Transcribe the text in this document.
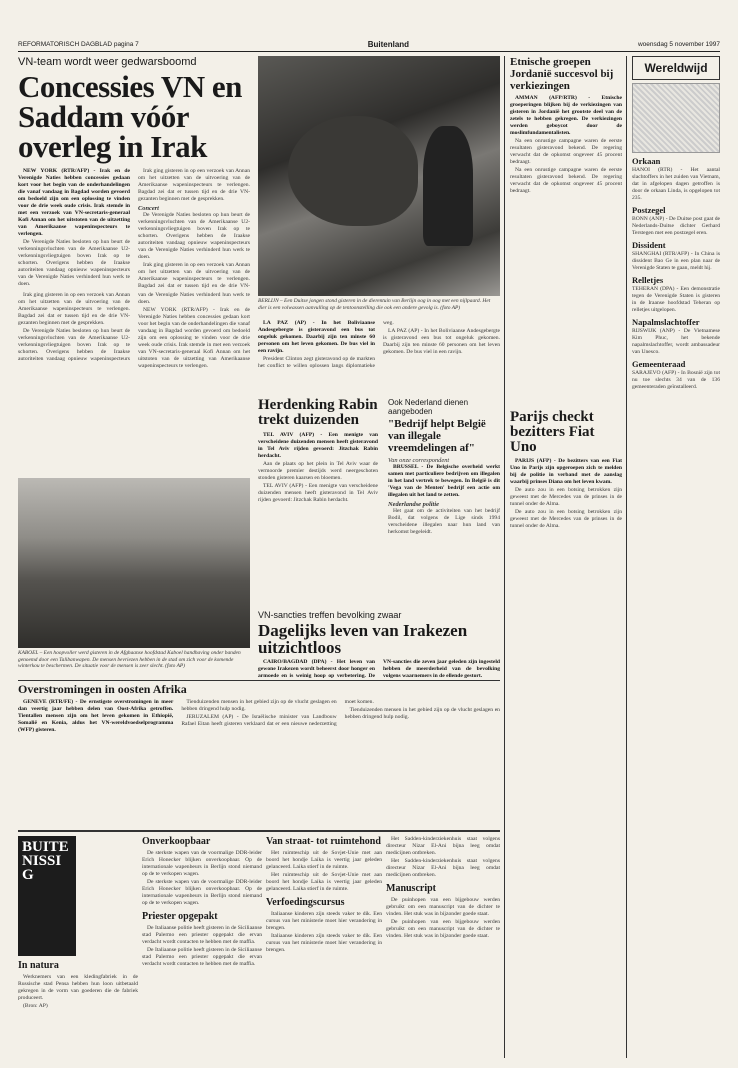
REFORMATORISCH DAGBLAD pagina 7	Buitenland	woensdag 5 november 1997
VN-team wordt weer gedwarsboomd
Concessies VN en Saddam vóór overleg in Irak

NEW YORK (RTR/AFP) - Irak en de Verenigde Naties hebben concessies gedaan kort voor het begin van de onderhandelingen die vanaf vandaag in Bagdad worden gevoerd om bedoeld zijn om een oplossing te vinden voor de drie week oude crisis. Irak stemde in met een verzoek van VN-secretaris-generaal Kofi Annan om het uitstoten van de uitzetting van Amerikaanse wapeninspecteurs te verlengen.

De Verenigde Naties besloten op hun beurt de verkenningsvluchten van de Amerikaanse U2-verkenningsvliegtuigen boven Irak op te schorten. Overigens hebben de Iraakse autoriteiten vandaag opnieuw wapeninspecteurs van de Verenigde Naties verhinderd hun werk te doen.

Irak ging gisteren in op een verzoek van Annan om het uitzetten van de uitvoering van de Amerikaanse wapeninspecteurs te verlengen. Bagdad zei dat er tussen tijd en de drie VN-gezanten beginnen met de gesprekken.

Concert

De Verenigde Naties besloten op hun beurt de verkenningsvluchten van de Amerikaanse U2-verkenningsvliegtuigen boven Irak op te schorten. Overigens hebben de Iraakse autoriteiten vandaag opnieuw wapeninspecteurs van de Verenigde Naties verhinderd hun werk te doen.

Irak ging gisteren in op een verzoek van Annan om het uitzetten van de uitvoering van de Amerikaanse wapeninspecteurs te verlengen. Bagdad zei dat er tussen tijd en de drie VN-

BERLIJN – Een Duitse jongen stond gisteren in de dierentuin van Berlijn oog in oog met een nijlpaard. Het dier is een volwassen aanvulling op de tentoonstelling die ook een andere gevolg is. (foto AP)

LA PAZ (AP) - In het Boliviaanse Andesgebergte is gisteravond een bus tot ongeluk gekomen. Daarbij zijn ten minste 60 personen om het leven gekomen. De bus viel in een ravijn.

President Clinton zegt gisteravond op de markten het conflict te willen oplossen langs diplomatieke weg.

LA PAZ (AP) - In het Boliviaanse Andesgebergte is gisteravond een bus tot ongeluk gekomen. Daarbij zijn ten minste 60 personen om het leven gekomen. De bus viel in een ravijn.

Herdenking Rabin trekt duizenden

TEL AVIV (AFP) - Een menigte van verscheidene duizenden mensen heeft gisteravond in Tel Aviv rijden gevoerd: Jitzchak Rabin herdacht.

Aan de plaats op het plein in Tel Aviv waar de vermoorde premier destijds werd neergeschoten stonden gisteren kaarsen en bloemen.

TEL AVIV (AFP) - Een menigte van verscheidene duizenden mensen heeft gisteravond in Tel Aviv rijden gevoerd: Jitzchak Rabin herdacht.

KABOEL – Een hoopvoller werd gisteren in de Afghaanse hoofdstad Kaboel handhaving onder banden genoemd door een Talibanwapen. De mensen bevriezen hebben in de stad om zich voor de komende winterkou te beschermen. De situatie voor de mensen is zeer slecht. (foto AP)

Irak ging gisteren in op een verzoek van Annan om het uitzetten van de uitvoering van de Amerikaanse wapeninspecteurs te verlengen. Bagdad zei dat er tussen tijd en de drie VN-gezanten beginnen met de gesprekken.

De Verenigde Naties besloten op hun beurt de verkenningsvluchten van de Amerikaanse U2-verkenningsvliegtuigen boven Irak op te schorten. Overigens hebben de Iraakse autoriteiten vandaag opnieuw wapeninspecteurs van de Verenigde Naties verhinderd hun werk te doen.

NEW YORK (RTR/AFP) - Irak en de Verenigde Naties hebben concessies gedaan kort voor het begin van de onderhandelingen die vanaf vandaag in Bagdad worden gevoerd om bedoeld zijn om een oplossing te vinden voor de drie week oude crisis. Irak stemde in met een verzoek van VN-secretaris-generaal Kofi Annan om het uitstoten van de uitzetting van Amerikaanse wapeninspecteurs te verlengen.

Overstromingen in oosten Afrika

GENEVE (RTR/FE) - De ernstigste overstromingen in meer dan veertig jaar hebben delen van Oost-Afrika getroffen. Tientallen mensen zijn om het leven gekomen in Ethiopië, Somalië en Kenia, aldus het VN-wereldvoedselprogramma (WFP) gisteren.

Tienduizenden mensen in het gebied zijn op de vlucht geslagen en hebben dringend hulp nodig.

JERUZALEM (AP) - De Israëlische minister van Landbouw Rafael Eitan heeft gisteren verklaard dat er een nieuwe nederzetting moet komen.

Tienduizenden mensen in het gebied zijn op de vlucht geslagen en hebben dringend hulp nodig.

Ook Nederland dienen aangeboden
"Bedrijf helpt België van illegale vreemdelingen af"
Van onze correspondent

BRUSSEL - De Belgische overheid werkt samen met particuliere bedrijven om illegalen in het land vertrek te bewegen. In België is dit 'Vega van de Menten' bedrijf een actie om illegalen uit het land te zetten.

Nederlandse politie

Het gaat om de activiteiten van het bedrijf Bodil, dat volgens de Lige sinds 1994 verscheidene illegalen naar hun land van herkomst begeleidt.

VN-sancties treffen bevolking zwaar
Dagelijks leven van Irakezen uitzichtloos

CAIRO/BAGDAD (DPA) - Het leven van gewone Irakezen wordt beheerst door honger en armoede en is weinig hoop op verbetering. De VN-sancties die zeven jaar geleden zijn ingesteld hebben de meerderheid van de bevolking volgens waarnemers in de ellende gestort.

BUITENISSIG
In natura

Werknemers van een kledingfabriek in de Russische stad Pensa hebben hun loon uitbetaald gekregen in de vorm van goederen die de fabriek produceert.

(Bron: AP)

Onverkoopbaar

De sterkste wapen van de voormalige DDR-leider Erich Honecker blijken onverkoopbaar. Op de internationale wapenbeurs in Berlijn stond niemand op de te verkopen wagen.

De sterkste wapen van de voormalige DDR-leider Erich Honecker blijken onverkoopbaar. Op de internationale wapenbeurs in Berlijn stond niemand op de te verkopen wagen.

Priester opgepakt

De Italiaanse politie heeft gisteren in de Siciliaanse stad Palermo een priester opgepakt die ervan verdacht wordt contacten te hebben met de maffia.

De Italiaanse politie heeft gisteren in de Siciliaanse stad Palermo een priester opgepakt die ervan verdacht wordt contacten te hebben met de maffia.

Van straat- tot ruimtehond

Het ruimteschip uit de Sovjet-Unie met aan boord het hondje Laika is veertig jaar geleden gelanceerd. Laika stierf in de ruimte.

Het ruimteschip uit de Sovjet-Unie met aan boord het hondje Laika is veertig jaar geleden gelanceerd. Laika stierf in de ruimte.

Verfoedingscursus

Italiaanse kinderen zijn steeds vaker te dik. Een cursus van het ministerie moet hier verandering in brengen.

Italiaanse kinderen zijn steeds vaker te dik. Een cursus van het ministerie moet hier verandering in brengen.

Het Sadden-kinderziekenhuis staat volgens directeur Nizar El-Ani bijna leeg omdat medicijnen ontbreken.

Het Sadden-kinderziekenhuis staat volgens directeur Nizar El-Ani bijna leeg omdat medicijnen ontbreken.

Manuscript

De puinhopen van een bijgebouw werden gebruikt om een manuscript van de dichter te vinden. Het stuk was in bijzonder goede staat.

De puinhopen van een bijgebouw werden gebruikt om een manuscript van de dichter te vinden. Het stuk was in bijzonder goede staat.

Etnische groepen Jordanië succesvol bij verkiezingen

AMMAN (AFP/RTR) - Etnische groeperingen blijken bij de verkiezingen van gisteren in Jordanië het grootste deel van de zetels te hebben gekregen. De verkiezingen werden geboycot door de moslimfundamentalisten.

Na een onrustige campagne waren de eerste resultaten gisteravond bekend. De regering verwacht dat de opkomst ongeveer 45 procent bedraagt.

Na een onrustige campagne waren de eerste resultaten gisteravond bekend. De regering verwacht dat de opkomst ongeveer 45 procent bedraagt.

Parijs checkt bezitters Fiat Uno

PARIJS (AFP) - De bezitters van een Fiat Uno in Parijs zijn opgeroepen zich te melden bij de politie in verband met de aanslag waarbij prinses Diana om het leven kwam.

De auto zou in een botsing betrokken zijn geweest met de Mercedes van de prinses in de tunnel onder de Alma.

De auto zou in een botsing betrokken zijn geweest met de Mercedes van de prinses in de tunnel onder de Alma.

Wereldwijd
Orkaan
HANOI (RTR) - Het aantal slachtoffers in het zuiden van Vietnam, dat in afgelopen dagen getroffen is door de orkaan Linda, is opgelopen tot 235.
Postzegel
BONN (ANP) - De Duitse post gaat de Nederlands-Duitse dichter Gerhard Terstegen met een postzegel eren.
Dissident
SHANGHAI (RTR/AFP) - In China is dissident Bao Ge in een plan naar de Verenigde Staten te gaan, meldt hij.
Relletjes
TEHERAN (DPA) - Een demonstratie tegen de Verenigde Staten is gisteren in de Iraanse hoofdstad Teheran op relletjes uitgelopen.
Napalmslachtoffer
RIJSWIJK (ANP) - De Vietnamese Kim Phuc, het bekende napalmslachtoffer, wordt ambassadeur van Unesco.
Gemeenteraad
SARAJEVO (AFP) - In Bosnië zijn tot nu toe slechts 34 van de 136 gemeenteraden geïnstalleerd.
